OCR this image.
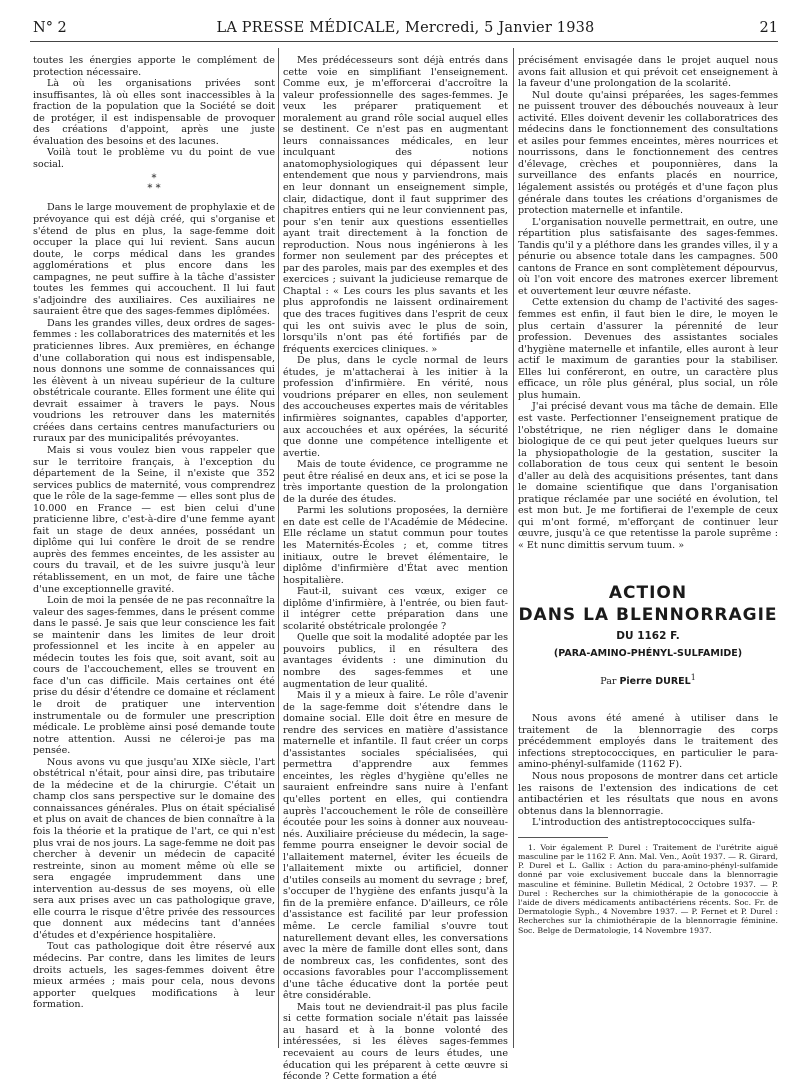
N° 2	LA PRESSE MÉDICALE, Mercredi, 5 Janvier 1938	21

toutes les énergies apporte le complément de protection nécessaire.

Là où les organisations privées sont insuffisantes, là où elles sont inaccessibles à la fraction de la population que la Société se doit de protéger, il est indispensable de provoquer des créations d'appoint, après une juste évaluation des besoins et des lacunes.

Voilà tout le problème vu du point de vue social.

*
* *

Dans le large mouvement de prophylaxie et de prévoyance qui est déjà créé, qui s'organise et s'étend de plus en plus, la sage-femme doit occuper la place qui lui revient. Sans aucun doute, le corps médical dans les grandes agglomérations et plus encore dans les campagnes, ne peut suffire à la tâche d'assister toutes les femmes qui accouchent. Il lui faut s'adjoindre des auxiliaires. Ces auxiliaires ne sauraient être que des sages-femmes diplômées.

Dans les grandes villes, deux ordres de sages-femmes : les collaboratrices des maternités et les praticiennes libres. Aux premières, en échange d'une collaboration qui nous est indispensable, nous donnons une somme de connaissances qui les élèvent à un niveau supérieur de la culture obstétricale courante. Elles forment une élite qui devrait essaimer à travers le pays. Nous voudrions les retrouver dans les maternités créées dans certains centres manufacturiers ou ruraux par des municipalités prévoyantes.

Mais si vous voulez bien vous rappeler que sur le territoire français, à l'exception du département de la Seine, il n'existe que 352 services publics de maternité, vous comprendrez que le rôle de la sage-femme — elles sont plus de 10.000 en France — est bien celui d'une praticienne libre, c'est-à-dire d'une femme ayant fait un stage de deux années, possédant un diplôme qui lui confère le droit de se rendre auprès des femmes enceintes, de les assister au cours du travail, et de les suivre jusqu'à leur rétablissement, en un mot, de faire une tâche d'une exceptionnelle gravité.

Loin de moi la pensée de ne pas reconnaître la valeur des sages-femmes, dans le présent comme dans le passé. Je sais que leur conscience les fait se maintenir dans les limites de leur droit professionnel et les incite à en appeler au médecin toutes les fois que, soit avant, soit au cours de l'accouchement, elles se trouvent en face d'un cas difficile. Mais certaines ont été prise du désir d'étendre ce domaine et réclament le droit de pratiquer une intervention instrumentale ou de formuler une prescription médicale. Le problème ainsi posé demande toute notre attention. Aussi ne céleroi-je pas ma pensée.

Nous avons vu que jusqu'au XIXe siècle, l'art obstétrical n'était, pour ainsi dire, pas tributaire de la médecine et de la chirurgie. C'était un champ clos sans perspective sur le domaine des connaissances générales. Plus on était spécialisé et plus on avait de chances de bien connaître à la fois la théorie et la pratique de l'art, ce qui n'est plus vrai de nos jours. La sage-femme ne doit pas chercher à devenir un médecin de capacité restreinte, sinon au moment même où elle se sera engagée imprudemment dans une intervention au-dessus de ses moyens, où elle sera aux prises avec un cas pathologique grave, elle courra le risque d'être privée des ressources que donnent aux médecins tant d'années d'études et d'expérience hospitalière.

Tout cas pathologique doit être réservé aux médecins. Par contre, dans les limites de leurs droits actuels, les sages-femmes doivent être mieux armées ; mais pour cela, nous devons apporter quelques modifications à leur formation.

Mes prédécesseurs sont déjà entrés dans cette voie en simplifiant l'enseignement. Comme eux, je m'efforcerai d'accroître la valeur professionnelle des sages-femmes. Je veux les préparer pratiquement et moralement au grand rôle social auquel elles se destinent. Ce n'est pas en augmentant leurs connaissances médicales, en leur inculquant des notions anatomophysiologiques qui dépassent leur entendement que nous y parviendrons, mais en leur donnant un enseignement simple, clair, didactique, dont il faut supprimer des chapitres entiers qui ne leur conviennent pas, pour s'en tenir aux questions essentielles ayant trait directement à la fonction de reproduction. Nous nous ingénierons à les former non seulement par des préceptes et par des paroles, mais par des exemples et des exercices ; suivant la judicieuse remarque de Chaptal : « Les cours les plus savants et les plus approfondis ne laissent ordinairement que des traces fugitives dans l'esprit de ceux qui les ont suivis avec le plus de soin, lorsqu'ils n'ont pas été fortifiés par de fréquents exercices cliniques. »

De plus, dans le cycle normal de leurs études, je m'attacherai à les initier à la profession d'infirmière. En vérité, nous voudrions préparer en elles, non seulement des accoucheuses expertes mais de véritables infirmières soignantes, capables d'apporter, aux accouchées et aux opérées, la sécurité que donne une compétence intelligente et avertie.

Mais de toute évidence, ce programme ne peut être réalisé en deux ans, et ici se pose la très importante question de la prolongation de la durée des études.

Parmi les solutions proposées, la dernière en date est celle de l'Académie de Médecine. Elle réclame un statut commun pour toutes les Maternités-Écoles ; et, comme titres initiaux, outre le brevet élémentaire, le diplôme d'infirmière d'État avec mention hospitalière.

Faut-il, suivant ces vœux, exiger ce diplôme d'infirmière, à l'entrée, ou bien faut-il intégrer cette préparation dans une scolarité obstétricale prolongée ?

Quelle que soit la modalité adoptée par les pouvoirs publics, il en résultera des avantages évidents : une diminution du nombre des sages-femmes et une augmentation de leur qualité.

Mais il y a mieux à faire. Le rôle d'avenir de la sage-femme doit s'étendre dans le domaine social. Elle doit être en mesure de rendre des services en matière d'assistance maternelle et infantile. Il faut créer un corps d'assistantes sociales spécialisées, qui permettra d'apprendre aux femmes enceintes, les règles d'hygiène qu'elles ne sauraient enfreindre sans nuire à l'enfant qu'elles portent en elles, qui contiendra auprès l'accouchement le rôle de conseillère écoutée pour les soins à donner aux nouveau-nés. Auxiliaire précieuse du médecin, la sage-femme pourra enseigner le devoir social de l'allaitement maternel, éviter les écueils de l'allaitement mixte ou artificiel, donner d'utiles conseils au moment du sevrage ; bref, s'occuper de l'hygiène des enfants jusqu'à la fin de la première enfance. D'ailleurs, ce rôle d'assistance est facilité par leur profession même. Le cercle familial s'ouvre tout naturellement devant elles, les conversations avec la mère de famille dont elles sont, dans de nombreux cas, les confidentes, sont des occasions favorables pour l'accomplissement d'une tâche éducative dont la portée peut être considérable.

Mais tout ne deviendrait-il pas plus facile si cette formation sociale n'était pas laissée au hasard et à la bonne volonté des intéressées, si les élèves sages-femmes recevaient au cours de leurs études, une éducation qui les préparent à cette œuvre si féconde ? Cette formation a été

précisément envisagée dans le projet auquel nous avons fait allusion et qui prévoit cet enseignement à la faveur d'une prolongation de la scolarité.

Nul doute qu'ainsi préparées, les sages-femmes ne puissent trouver des débouchés nouveaux à leur activité. Elles doivent devenir les collaboratrices des médecins dans le fonctionnement des consultations et asiles pour femmes enceintes, mères nourrices et nourrissons, dans le fonctionnement des centres d'élevage, crèches et pouponnières, dans la surveillance des enfants placés en nourrice, légalement assistés ou protégés et d'une façon plus générale dans toutes les créations d'organismes de protection maternelle et infantile.

L'organisation nouvelle permettrait, en outre, une répartition plus satisfaisante des sages-femmes. Tandis qu'il y a pléthore dans les grandes villes, il y a pénurie ou absence totale dans les campagnes. 500 cantons de France en sont complètement dépourvus, où l'on voit encore des matrones exercer librement et ouvertement leur œuvre néfaste.

Cette extension du champ de l'activité des sages-femmes est enfin, il faut bien le dire, le moyen le plus certain d'assurer la pérennité de leur profession. Devenues des assistantes sociales d'hygiène maternelle et infantile, elles auront à leur actif le maximum de garanties pour la stabiliser. Elles lui conféreront, en outre, un caractère plus efficace, un rôle plus général, plus social, un rôle plus humain.

J'ai précisé devant vous ma tâche de demain. Elle est vaste. Perfectionner l'enseignement pratique de l'obstétrique, ne rien négliger dans le domaine biologique de ce qui peut jeter quelques lueurs sur la physiopathologie de la gestation, susciter la collaboration de tous ceux qui sentent le besoin d'aller au delà des acquisitions présentes, tant dans le domaine scientifique que dans l'organisation pratique réclamée par une société en évolution, tel est mon but. Je me fortifierai de l'exemple de ceux qui m'ont formé, m'efforçant de continuer leur œuvre, jusqu'à ce que retentisse la parole suprême : « Et nunc dimittis servum tuum. »

ACTION
DANS LA BLENNORRAGIE
DU 1162 F.
(PARA-AMINO-PHÉNYL-SULFAMIDE)
Par Pierre DUREL$^1$

Nous avons été amené à utiliser dans le traitement de la blennorragie des corps précédemment employés dans le traitement des infections streptococciques, en particulier le para-amino-phényl-sulfamide (1162 F).

Nous nous proposons de montrer dans cet article les raisons de l'extension des indications de cet antibactérien et les résultats que nous en avons obtenus dans la blennorragie.

L'introduction des antistreptococciques sulfa-

1. Voir également P. Durel : Traitement de l'urétrite aiguë masculine par le 1162 F. Ann. Mal. Ven., Août 1937. — R. Girard, P. Durel et L. Gallix : Action du para-amino-phényl-sulfamide donné par voie exclusivement buccale dans la blennorragie masculine et féminine. Bulletin Médical, 2 Octobre 1937. — P. Durel : Recherches sur la chimiothérapie de la gonococcie à l'aide de divers médicaments antibactériens récents. Soc. Fr. de Dermatologie Syph., 4 Novembre 1937. — P. Fernet et P. Durel : Recherches sur la chimiothérapie de la blennorragie féminine. Soc. Belge de Dermatologie, 14 Novembre 1937.
